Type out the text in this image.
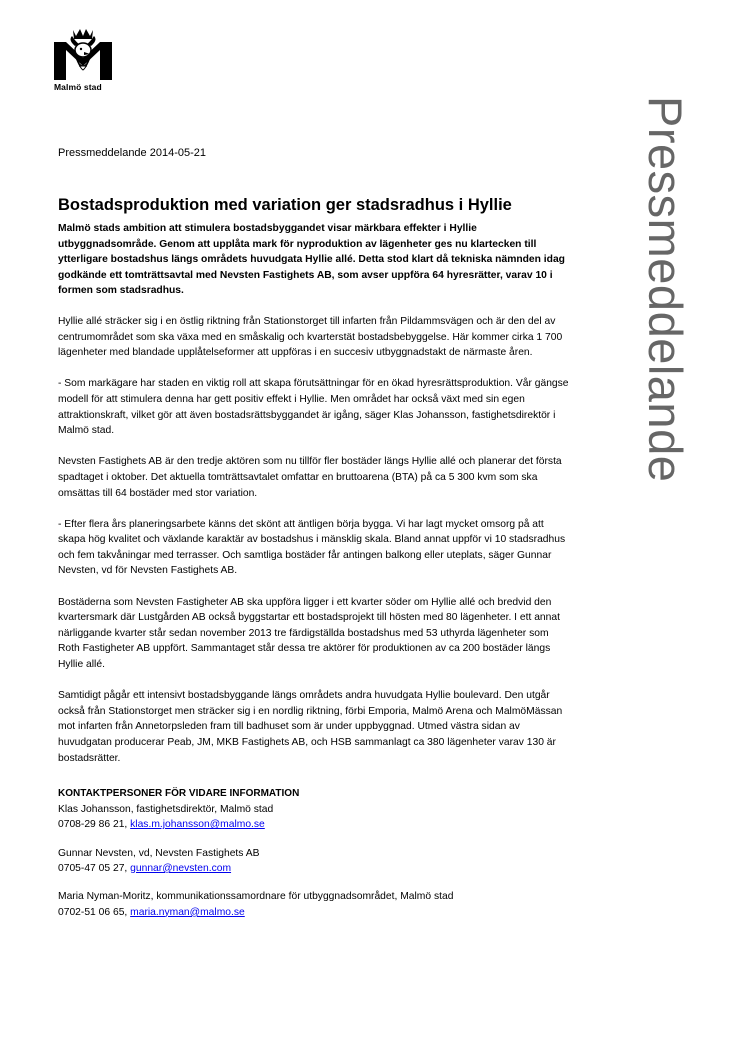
Malmö stad
Pressmeddelande
Pressmeddelande 2014-05-21
Bostadsproduktion med variation ger stadsradhus i Hyllie
Malmö stads ambition att stimulera bostadsbyggandet visar märkbara effekter i Hyllie utbyggnadsområde. Genom att upplåta mark för nyproduktion av lägenheter ges nu klartecken till ytterligare bostadshus längs områdets huvudgata Hyllie allé. Detta stod klart då tekniska nämnden idag godkände ett tomträttsavtal med Nevsten Fastighets AB, som avser uppföra 64 hyresrätter, varav 10 i formen som stadsradhus.

Hyllie allé sträcker sig i en östlig riktning från Stationstorget till infarten från Pildammsvägen och är den del av centrumområdet som ska växa med en småskalig och kvarterstät bostadsbebyggelse. Här kommer cirka 1 700 lägenheter med blandade upplåtelseformer att uppföras i en succesiv utbyggnadstakt de närmaste åren.

- Som markägare har staden en viktig roll att skapa förutsättningar för en ökad hyresrättsproduktion. Vår gängse modell för att stimulera denna har gett positiv effekt i Hyllie. Men området har också växt med sin egen attraktionskraft, vilket gör att även bostadsrättsbyggandet är igång, säger Klas Johansson, fastighetsdirektör i Malmö stad.

Nevsten Fastighets AB är den tredje aktören som nu tillför fler bostäder längs Hyllie allé och planerar det första spadtaget i oktober. Det aktuella tomträttsavtalet omfattar en bruttoarena (BTA) på ca 5 300 kvm som ska omsättas till 64 bostäder med stor variation.

- Efter flera års planeringsarbete känns det skönt att äntligen börja bygga. Vi har lagt mycket omsorg på att skapa hög kvalitet och växlande karaktär av bostadshus i mänsklig skala. Bland annat uppför vi 10 stadsradhus och fem takvåningar med terrasser. Och samtliga bostäder får antingen balkong eller uteplats, säger Gunnar Nevsten, vd för Nevsten Fastighets AB.

Bostäderna som Nevsten Fastigheter AB ska uppföra ligger i ett kvarter söder om Hyllie allé och bredvid den kvartersmark där Lustgården AB också byggstartar ett bostadsprojekt till hösten med 80 lägenheter. I ett annat närliggande kvarter står sedan november 2013 tre färdigställda bostadshus med 53 uthyrda lägenheter som Roth Fastigheter AB uppfört. Sammantaget står dessa tre aktörer för produktionen av ca 200 bostäder längs Hyllie allé.

Samtidigt pågår ett intensivt bostadsbyggande längs områdets andra huvudgata Hyllie boulevard. Den utgår också från Stationstorget men sträcker sig i en nordlig riktning, förbi Emporia, Malmö Arena och MalmöMässan mot infarten från Annetorpsleden fram till badhuset som är under uppbyggnad. Utmed västra sidan av huvudgatan producerar Peab, JM, MKB Fastighets AB, och HSB sammanlagt ca 380 lägenheter varav 130 är bostadsrätter.

KONTAKTPERSONER FÖR VIDARE INFORMATION
Klas Johansson, fastighetsdirektör, Malmö stad
0708-29 86 21, klas.m.johansson@malmo.se
Gunnar Nevsten, vd, Nevsten Fastighets AB
0705-47 05 27, gunnar@nevsten.com
Maria Nyman-Moritz, kommunikationssamordnare för utbyggnadsområdet, Malmö stad
0702-51 06 65, maria.nyman@malmo.se
